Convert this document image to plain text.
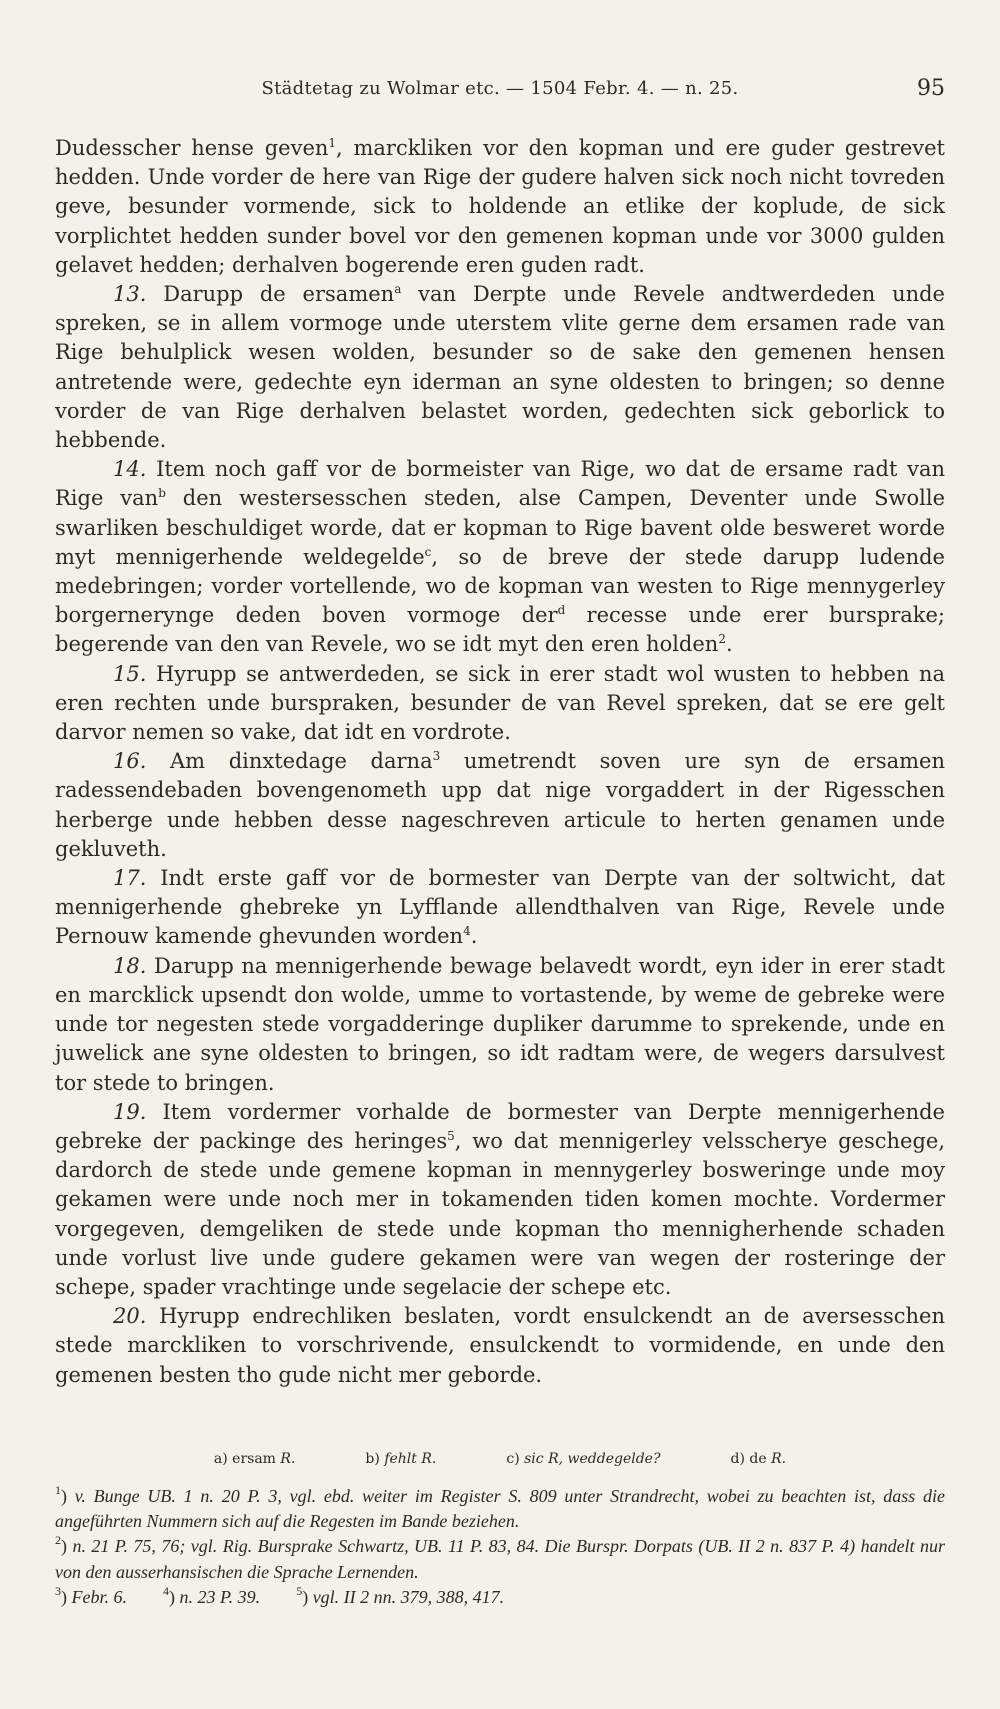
Städtetag zu Wolmar etc. — 1504 Febr. 4. — n. 25.	95

Dudesscher hense geven$^1$, marckliken vor den kopman und ere guder gestrevet hedden. Unde vorder de here van Rige der gudere halven sick noch nicht tovreden geve, besunder vormende, sick to holdende an etlike der koplude, de sick vorplichtet hedden sunder bovel vor den gemenen kopman unde vor 3000 gulden gelavet hedden; derhalven bogerende eren guden radt.

13. Darupp de ersamen$^a$ van Derpte unde Revele andtwerdeden unde spreken, se in allem vormoge unde uterstem vlite gerne dem ersamen rade van Rige behulplick wesen wolden, besunder so de sake den gemenen hensen antretende were, gedechte eyn iderman an syne oldesten to bringen; so denne vorder de van Rige derhalven belastet worden, gedechten sick geborlick to hebbende.

14. Item noch gaff vor de bormeister van Rige, wo dat de ersame radt van Rige van$^b$ den westersesschen steden, alse Campen, Deventer unde Swolle swarliken beschuldiget worde, dat er kopman to Rige bavent olde besweret worde myt mennigerhende weldegelde$^c$, so de breve der stede darupp ludende medebringen; vorder vortellende, wo de kopman van westen to Rige mennygerley borgernerynge deden boven vormoge der$^d$ recesse unde erer bursprake; begerende van den van Revele, wo se idt myt den eren holden$^2$.

15. Hyrupp se antwerdeden, se sick in erer stadt wol wusten to hebben na eren rechten unde burspraken, besunder de van Revel spreken, dat se ere gelt darvor nemen so vake, dat idt en vordrote.

16. Am dinxtedage darna$^3$ umetrendt soven ure syn de ersamen radessendebaden bovengenometh upp dat nige vorgaddert in der Rigesschen herberge unde hebben desse nageschreven articule to herten genamen unde gekluveth.

17. Indt erste gaff vor de bormester van Derpte van der soltwicht, dat mennigerhende ghebreke yn Lyfflande allendthalven van Rige, Revele unde Pernouw kamende ghevunden worden$^4$.

18. Darupp na mennigerhende bewage belavedt wordt, eyn ider in erer stadt en marcklick upsendt don wolde, umme to vortastende, by weme de gebreke were unde tor negesten stede vorgadderinge dupliker darumme to sprekende, unde en juwelick ane syne oldesten to bringen, so idt radtam were, de wegers darsulvest tor stede to bringen.

19. Item vordermer vorhalde de bormester van Derpte mennigerhende gebreke der packinge des heringes$^5$, wo dat mennigerley velsscherye geschege, dardorch de stede unde gemene kopman in mennygerley bosweringe unde moy gekamen were unde noch mer in tokamenden tiden komen mochte. Vordermer vorgegeven, demgeliken de stede unde kopman tho mennigherhende schaden unde vorlust live unde gudere gekamen were van wegen der rosteringe der schepe, spader vrachtinge unde segelacie der schepe etc.

20. Hyrupp endrechliken beslaten, vordt ensulckendt an de aversesschen stede marckliken to vorschrivende, ensulckendt to vormidende, en unde den gemenen besten tho gude nicht mer geborde.

a) ersam R.	b) fehlt R.	c) sic R, weddegelde?	d) de R.

$^1$) v. Bunge UB. 1 n. 20 P. 3, vgl. ebd. weiter im Register S. 809 unter Strandrecht, wobei zu beachten ist, dass die angeführten Nummern sich auf die Regesten im Bande beziehen.

$^2$) n. 21 P. 75, 76; vgl. Rig. Bursprake Schwartz, UB. 11 P. 83, 84. Die Burspr. Dorpats (UB. II 2 n. 837 P. 4) handelt nur von den ausserhansischen die Sprache Lernenden.

$^3$) Febr. 6.	$^4$) n. 23 P. 39.	$^5$) vgl. II 2 nn. 379, 388, 417.
